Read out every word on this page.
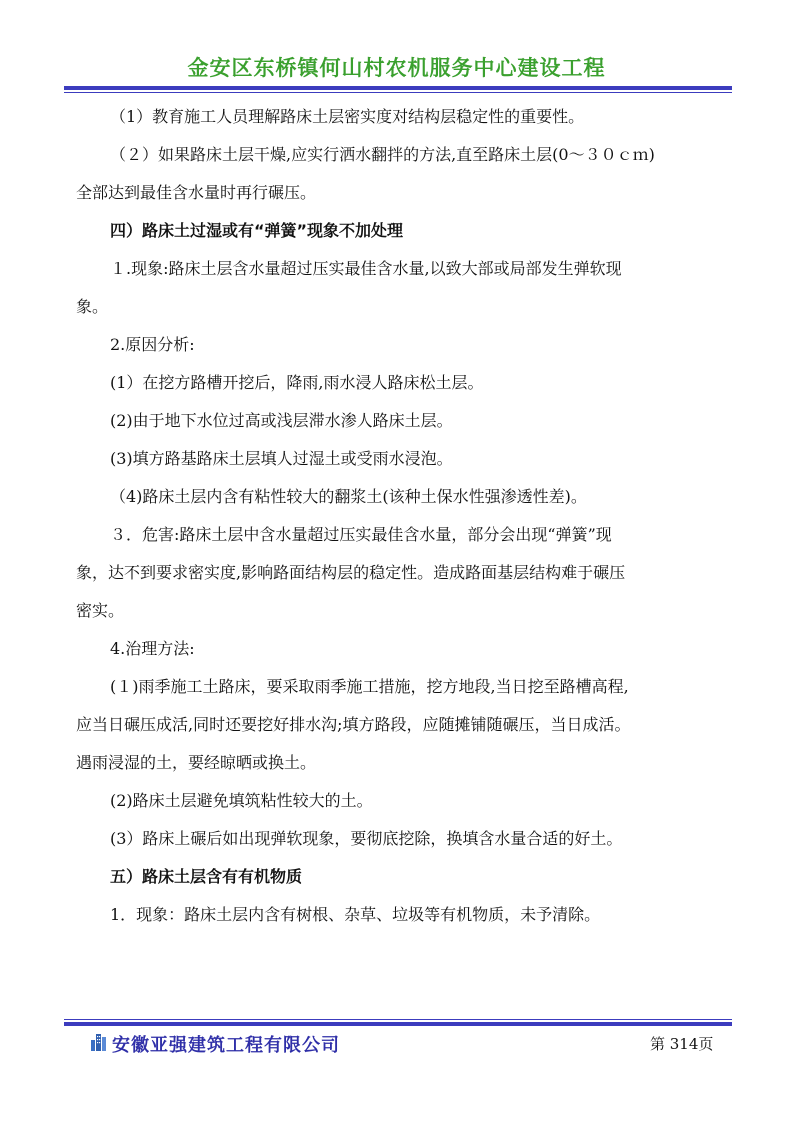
金安区东桥镇何山村农机服务中心建设工程
（1）教育施工人员理解路床土层密实度对结构层稳定性的重要性。
（２）如果路床土层干燥,应实行洒水翻拌的方法,直至路床土层(0～３０ｃｍ)
全部达到最佳含水量时再行碾压。
四）路床土过湿或有“弹簧”现象不加处理
１.现象:路床土层含水量超过压实最佳含水量,以致大部或局部发生弹软现
象。
2.原因分析:
(1）在挖方路槽开挖后，降雨,雨水浸人路床松土层。
(2)由于地下水位过高或浅层滞水渗人路床土层。
(3)填方路基路床土层填人过湿土或受雨水浸泡。
（4)路床土层内含有粘性较大的翻浆土(该种土保水性强渗透性差)。
３．危害:路床土层中含水量超过压实最佳含水量，部分会出现“弹簧”现
象，达不到要求密实度,影响路面结构层的稳定性。造成路面基层结构难于碾压
密实。
4.治理方法:
(１)雨季施工土路床，要采取雨季施工措施，挖方地段,当日挖至路槽高程,
应当日碾压成活,同时还要挖好排水沟;填方路段，应随摊铺随碾压，当日成活。
遇雨浸湿的土，要经晾晒或换土。
(2)路床土层避免填筑粘性较大的土。
(3）路床上碾后如出现弹软现象，要彻底挖除，换填含水量合适的好土。
五）路床土层含有有机物质
1．现象：路床土层内含有树根、杂草、垃圾等有机物质，未予清除。
安徽亚强建筑工程有限公司	第 314页
